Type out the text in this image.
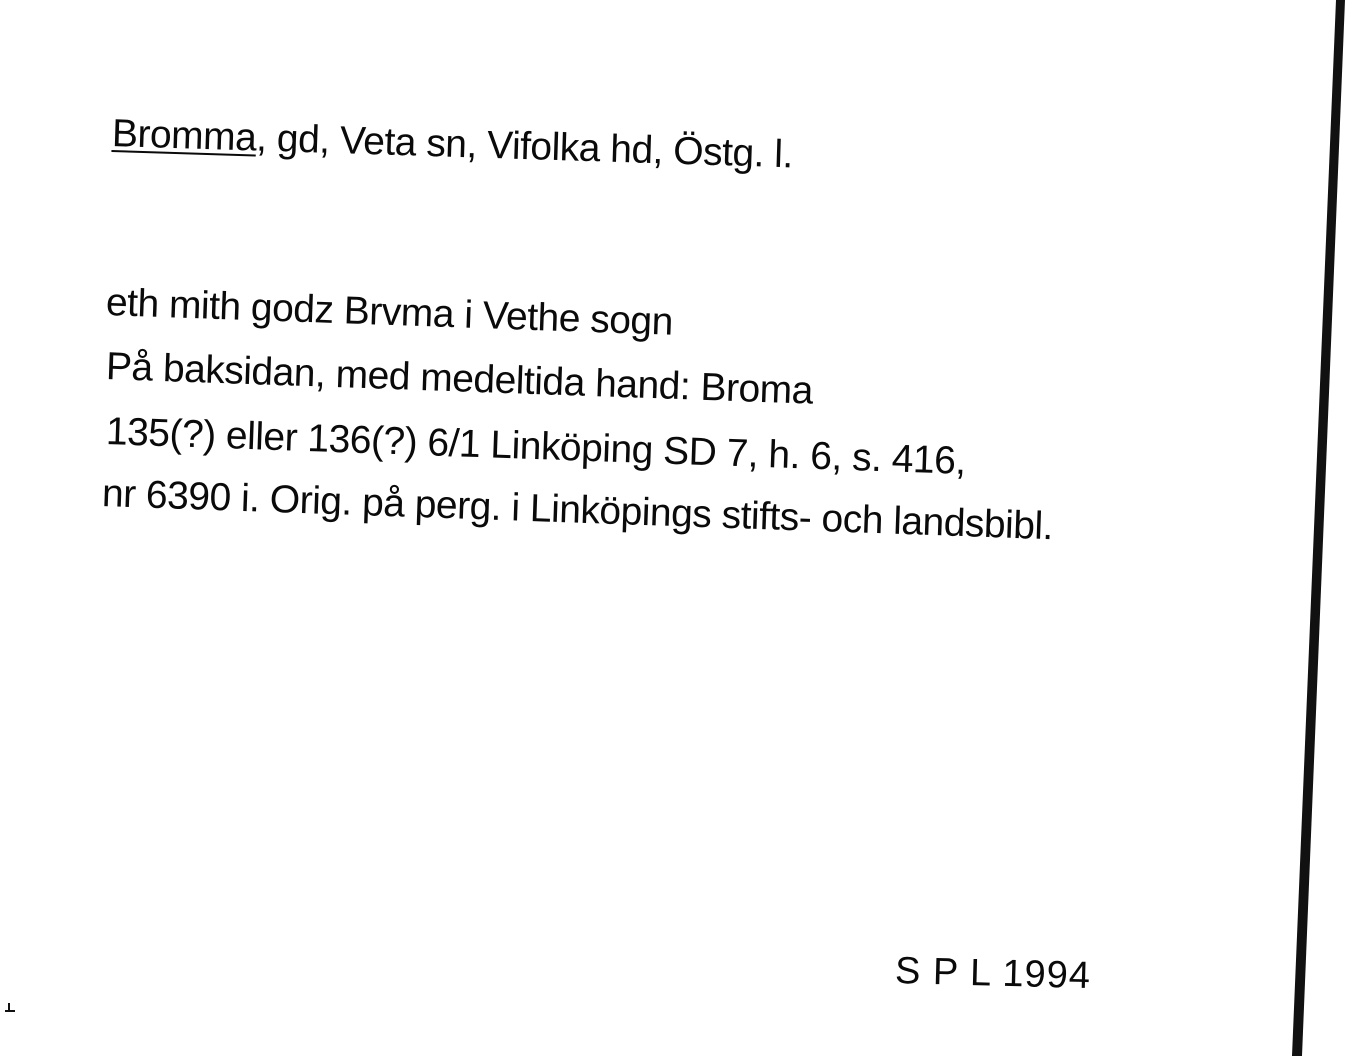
Bromma, gd, Veta sn, Vifolka hd, Östg. l.
eth mith godz Brvma i Vethe sogn
På baksidan, med medeltida hand: Broma
135(?) eller 136(?) 6/1 Linköping SD 7, h. 6, s. 416,
nr 6390 i. Orig. på perg. i Linköpings stifts- och landsbibl.
S P L 1994
